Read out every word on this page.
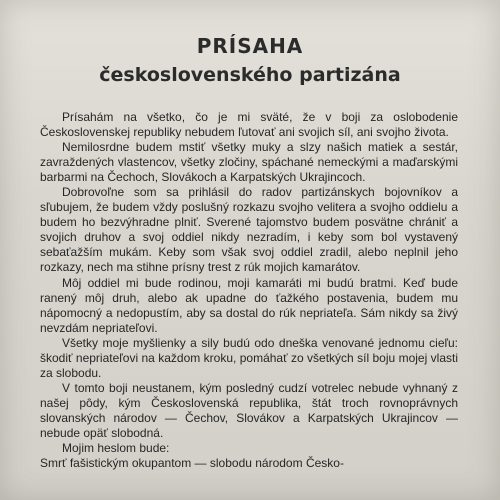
PRÍSAHA
československého partizána

Prísahám na všetko, čo je mi sväté, že v boji za oslobodenie Československej republiky nebudem ľutovať ani svojich síl, ani svojho života.

Nemilosrdne budem mstiť všetky muky a slzy našich matiek a sestár, zavraždených vlastencov, všetky zločiny, spáchané nemeckými a maďarskými barbarmi na Čechoch, Slovákoch a Karpatských Ukrajincoch.

Dobrovoľne som sa prihlásil do radov partizánskych bojovníkov a sľubujem, že budem vždy poslušný rozkazu svojho velitera a svojho oddielu a budem ho bezvýhradne plniť. Sverené tajomstvo budem posvätne chrániť a svojich druhov a svoj oddiel nikdy nezradím, i keby som bol vystavený sebaťažším mukám. Keby som však svoj oddiel zradil, alebo neplnil jeho rozkazy, nech ma stihne prísny trest z rúk mojich kamarátov.

Môj oddiel mi bude rodinou, moji kamaráti mi budú bratmi. Keď bude ranený môj druh, alebo ak upadne do ťažkého postavenia, budem mu nápomocný a nedopustím, aby sa dostal do rúk nepriateľa. Sám nikdy sa živý nevzdám nepriateľovi.

Všetky moje myšlienky a sily budú odo dneška venované jednomu cieľu: škodiť nepriateľovi na každom kroku, pomáhať zo všetkých síl boju mojej vlasti za slobodu.

V tomto boji neustanem, kým posledný cudzí votrelec nebude vyhnaný z našej pôdy, kým Československá republika, štát troch rovnoprávnych slovanských národov — Čechov, Slovákov a Karpatských Ukrajincov — nebude opäť slobodná.

Mojim heslom bude:

Smrť fašistickým okupantom — slobodu národom Česko-
